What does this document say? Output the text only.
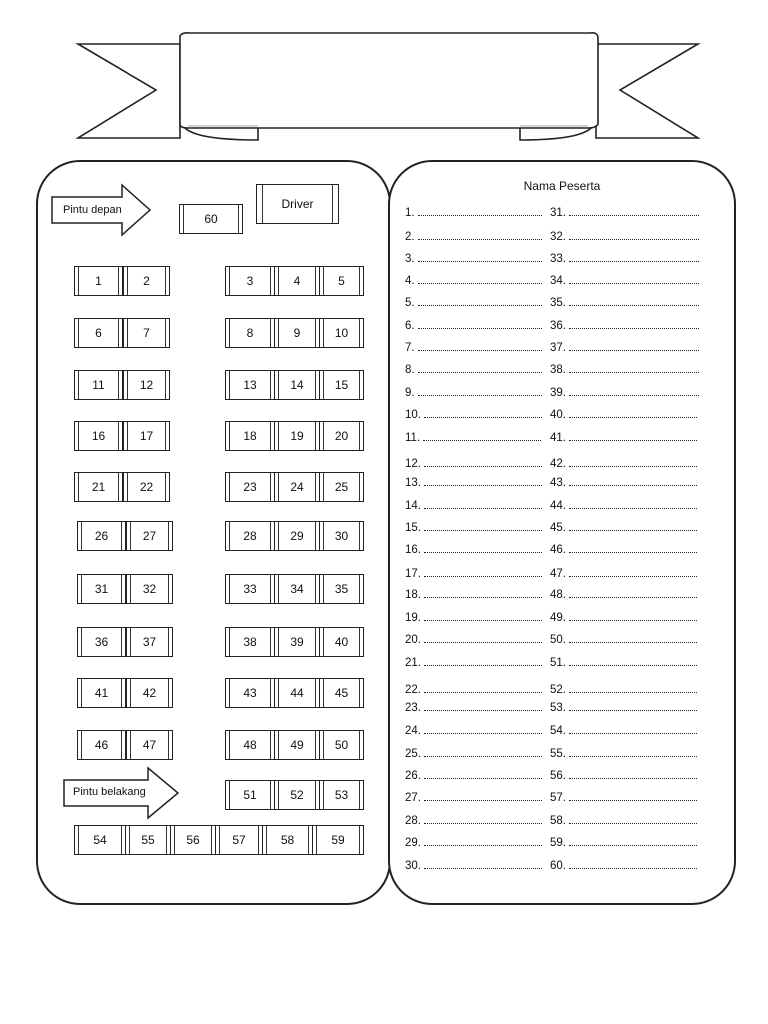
Pintu depan	Driver
Pintu belakang
1	2	3	4	5
6	7	8	9	10
11	12	13	14	15
16	17	18	19	20
21	22	23	24	25
26	27	28	29	30
31	32	33	34	35
36	37	38	39	40
41	42	43	44	45
46	47	48	49	50
51	52	53
54	55	56	57	58	59
60
Nama Peserta
1.
2.
3.
4.
5.
6.
7.
8.
9.
10.
11.
12.
13.
14.
15.
16.
17.
18.
19.
20.
21.
22.
23.
24.
25.
26.
27.
28.
29.
30.
31.
32.
33.
34.
35.
36.
37.
38.
39.
40.
41.
42.
43.
44.
45.
46.
47.
48.
49.
50.
51.
52.
53.
54.
55.
56.
57.
58.
59.
60.
